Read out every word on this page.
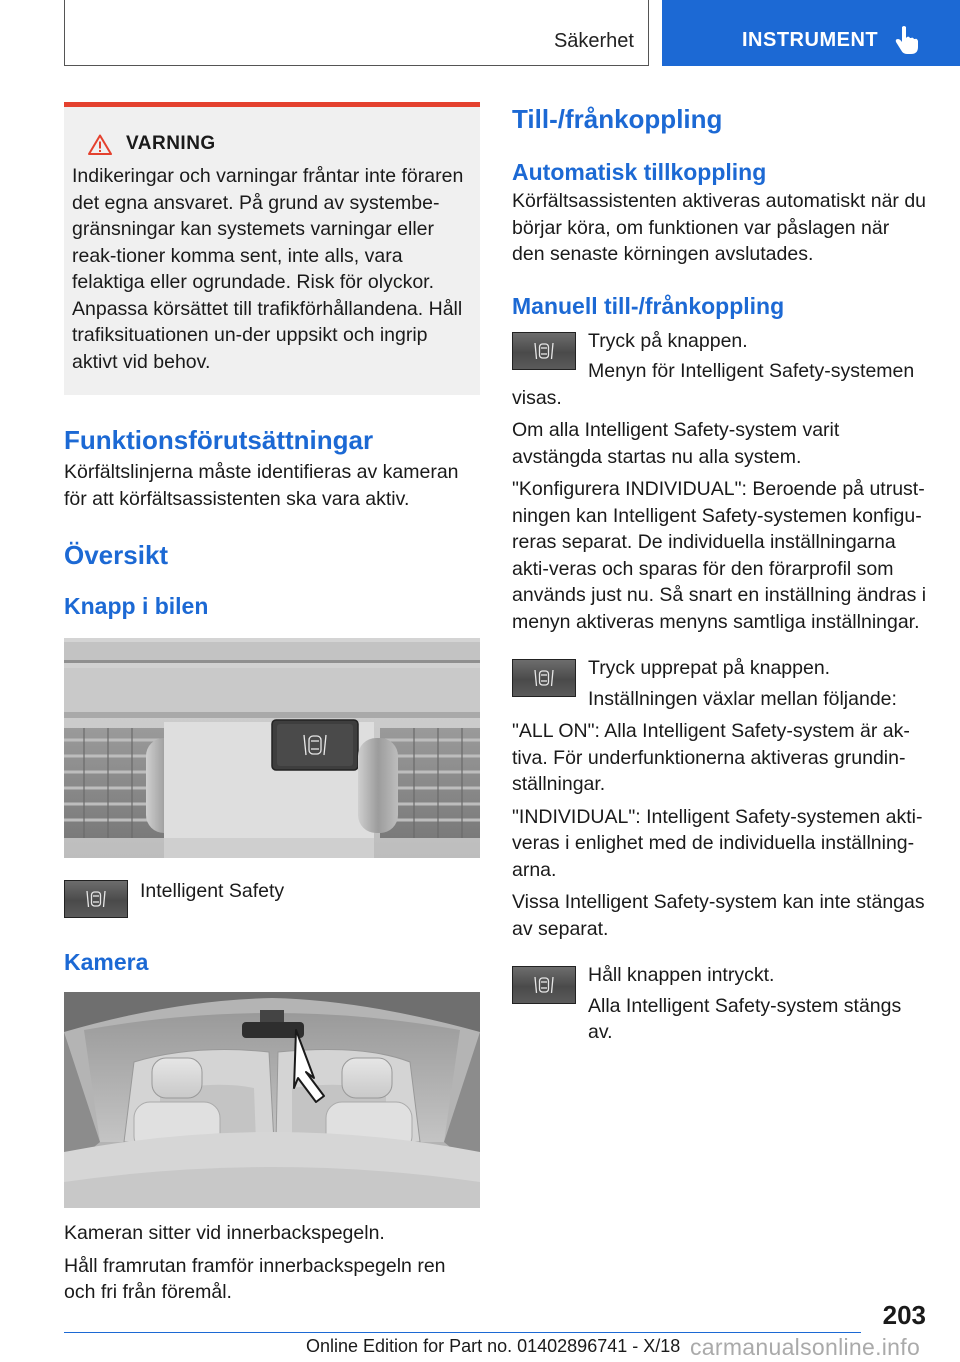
Säkerhet	INSTRUMENT
VARNING

Indikeringar och varningar fråntar inte föraren det egna ansvaret. På grund av systembe-gränsningar kan systemets varningar eller reak-tioner komma sent, inte alls, vara felaktiga eller ogrundade. Risk för olyckor. Anpassa körsättet till trafikförhållandena. Håll trafiksituationen un-der uppsikt och ingrip aktivt vid behov.

Funktionsförutsättningar

Körfältslinjerna måste identifieras av kameran för att körfältsassistenten ska vara aktiv.

Översikt
Knapp i bilen
Intelligent Safety
Kamera

Kameran sitter vid innerbackspegeln.

Håll framrutan framför innerbackspegeln ren och fri från föremål.

Till-/frånkoppling
Automatisk tillkoppling

Körfältsassistenten aktiveras automatiskt när du börjar köra, om funktionen var påslagen när den senaste körningen avslutades.

Manuell till-/frånkoppling

Tryck på knappen.

Menyn för Intelligent Safety-systemen visas.

Om alla Intelligent Safety-system varit avstängda startas nu alla system.

"Konfigurera INDIVIDUAL": Beroende på utrust-ningen kan Intelligent Safety-systemen konfigu-reras separat. De individuella inställningarna akti-veras och sparas för den förarprofil som används just nu. Så snart en inställning ändras i menyn aktiveras menyns samtliga inställningar.

Tryck upprepat på knappen.

Inställningen växlar mellan följande:

"ALL ON": Alla Intelligent Safety-system är ak-tiva. För underfunktionerna aktiveras grundin-ställningar.

"INDIVIDUAL": Intelligent Safety-systemen akti-veras i enlighet med de individuella inställning-arna.

Vissa Intelligent Safety-system kan inte stängas av separat.

Håll knappen intryckt.

Alla Intelligent Safety-system stängs av.

203
Online Edition for Part no. 01402896741 - X/18 carmanualsonline.info
